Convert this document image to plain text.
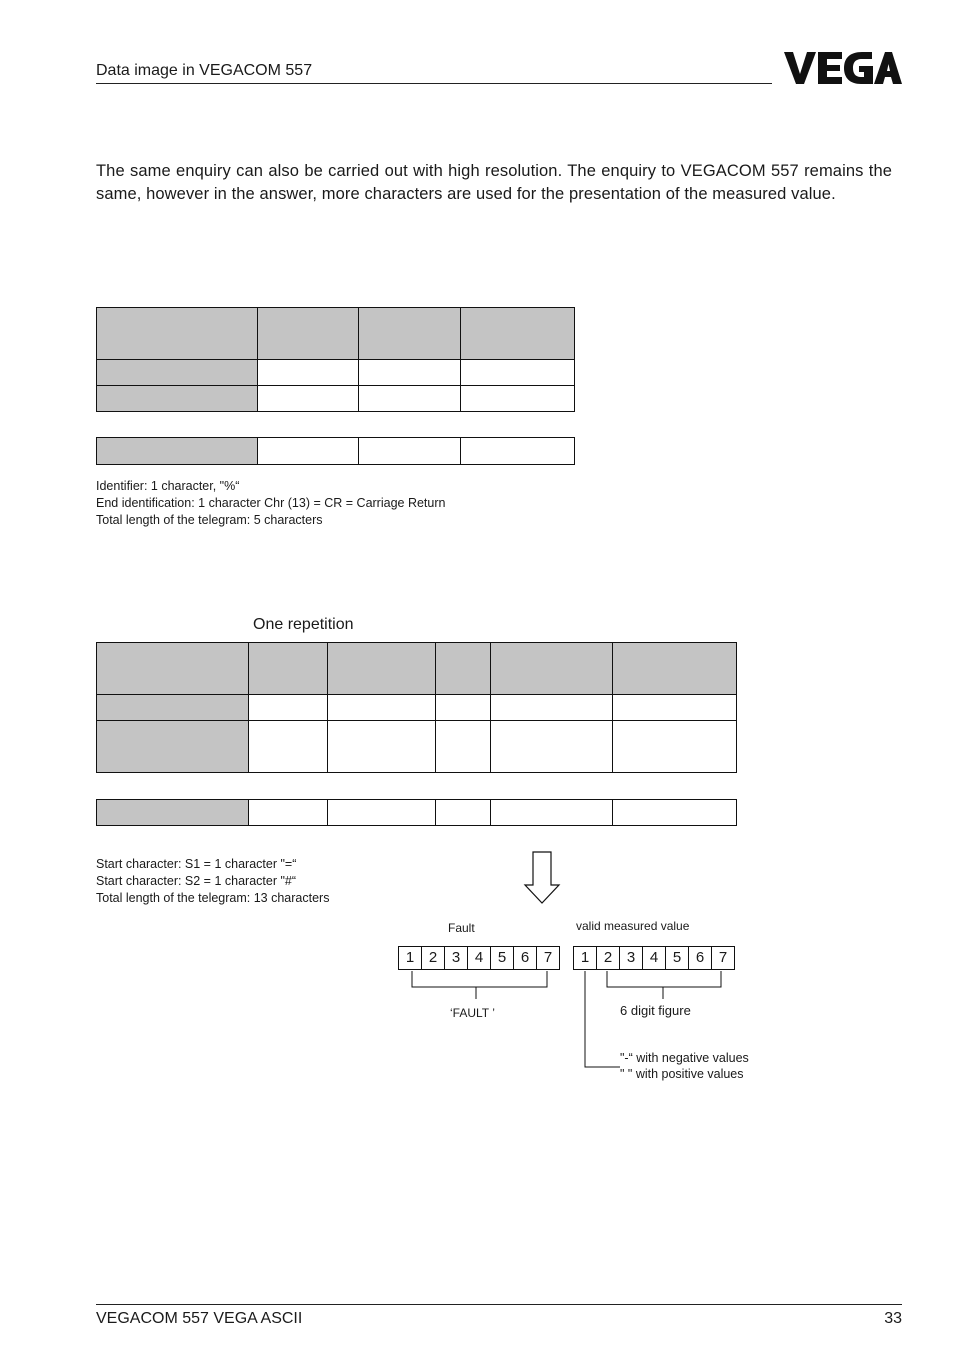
Data image in VEGACOM 557
The same enquiry can also be carried out with high resolution. The enquiry to VEGACOM 557 remains the same, however in the answer, more characters are used for the presentation of the measured value.

Identifier: 1 character, "%“
End identification: 1 character Chr (13) = CR = Carriage Return
Total length of the telegram: 5 characters
One repetition

Start character: S1 = 1 character "=“
Start character: S2 = 1 character "#“
Total length of the telegram: 13 characters
Fault	valid measured value
1 2 3 4 5 6 7	1 2 3 4 5 6 7
‘FAULT ’	6 digit figure
"-“ with negative values
" " with positive values
VEGACOM 557 VEGA ASCII	33
